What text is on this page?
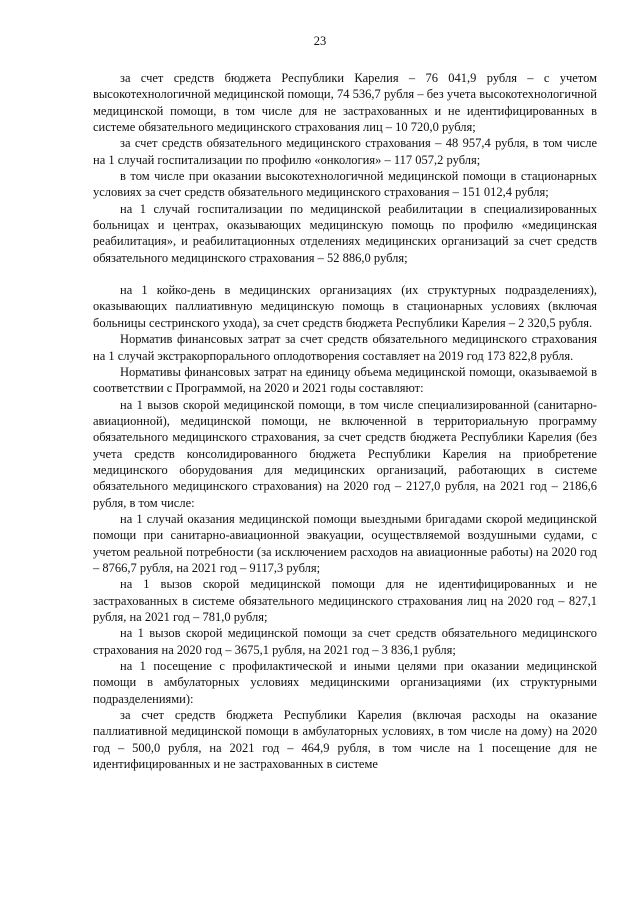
23

за счет средств бюджета Республики Карелия – 76 041,9 рубля – с учетом высокотехнологичной медицинской помощи, 74 536,7 рубля – без учета высокотехнологичной медицинской помощи, в том числе для не застрахованных и не идентифицированных в системе обязательного медицинского страхования лиц – 10 720,0 рубля;

за счет средств обязательного медицинского страхования – 48 957,4 рубля, в том числе на 1 случай госпитализации по профилю «онкология» – 117 057,2 рубля;

в том числе при оказании высокотехнологичной медицинской помощи в стационарных условиях за счет средств обязательного медицинского страхования – 151 012,4 рубля;

на 1 случай госпитализации по медицинской реабилитации в специализированных больницах и центрах, оказывающих медицинскую помощь по профилю «медицинская реабилитация», и реабилитационных отделениях медицинских организаций за счет средств обязательного медицинского страхования – 52 886,0 рубля;

на 1 койко-день в медицинских организациях (их структурных подразделениях), оказывающих паллиативную медицинскую помощь в стационарных условиях (включая больницы сестринского ухода), за счет средств бюджета Республики Карелия – 2 320,5 рубля.

Норматив финансовых затрат за счет средств обязательного медицинского страхования на 1 случай экстракорпорального оплодотворения составляет на 2019 год 173 822,8 рубля.

Нормативы финансовых затрат на единицу объема медицинской помощи, оказываемой в соответствии с Программой, на 2020 и 2021 годы составляют:

на 1 вызов скорой медицинской помощи, в том числе специализированной (санитарно-авиационной), медицинской помощи, не включенной в территориальную программу обязательного медицинского страхования, за счет средств бюджета Республики Карелия (без учета средств консолидированного бюджета Республики Карелия на приобретение медицинского оборудования для медицинских организаций, работающих в системе обязательного медицинского страхования) на 2020 год – 2127,0 рубля, на 2021 год – 2186,6 рубля, в том числе:

на 1 случай оказания медицинской помощи выездными бригадами скорой медицинской помощи при санитарно-авиационной эвакуации, осуществляемой воздушными судами, с учетом реальной потребности (за исключением расходов на авиационные работы) на 2020 год – 8766,7 рубля, на 2021 год – 9117,3 рубля;

на 1 вызов скорой медицинской помощи для не идентифицированных и не застрахованных в системе обязательного медицинского страхования лиц на 2020 год – 827,1 рубля, на 2021 год – 781,0 рубля;

на 1 вызов скорой медицинской помощи за счет средств обязательного медицинского страхования на 2020 год – 3675,1 рубля, на 2021 год – 3 836,1 рубля;

на 1 посещение с профилактической и иными целями при оказании медицинской помощи в амбулаторных условиях медицинскими организациями (их структурными подразделениями):

за счет средств бюджета Республики Карелия (включая расходы на оказание паллиативной медицинской помощи в амбулаторных условиях, в том числе на дому) на 2020 год – 500,0 рубля, на 2021 год – 464,9 рубля, в том числе на 1 посещение для не идентифицированных и не застрахованных в системе
